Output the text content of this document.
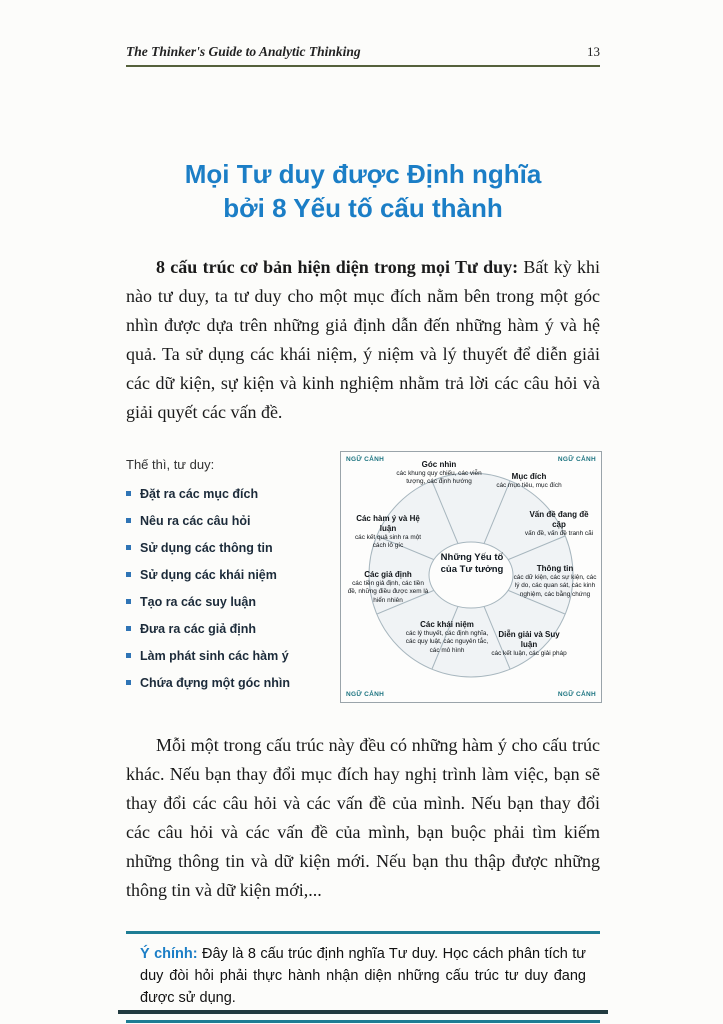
The Thinker's Guide to Analytic Thinking	13
Mọi Tư duy được Định nghĩa
bởi 8 Yếu tố cấu thành

8 cấu trúc cơ bản hiện diện trong mọi Tư duy: Bất kỳ khi nào tư duy, ta tư duy cho một mục đích nằm bên trong một góc nhìn được dựa trên những giả định dẫn đến những hàm ý và hệ quả. Ta sử dụng các khái niệm, ý niệm và lý thuyết để diễn giải các dữ kiện, sự kiện và kinh nghiệm nhằm trả lời các câu hỏi và giải quyết các vấn đề.

Thế thì, tư duy:
Đặt ra các mục đích
Nêu ra các câu hỏi
Sử dụng các thông tin
Sử dụng các khái niệm
Tạo ra các suy luận
Đưa ra các giả định
Làm phát sinh các hàm ý
Chứa đựng một góc nhìn
NGỮ CẢNH	NGỮ CẢNH
NGỮ CẢNH	NGỮ CẢNH
Góc nhìn
các khung quy chiếu, các viễn tượng, các định hướng
Mục đích
các mục tiêu, mục đích
Các hàm ý và Hệ luận
các kết quả sinh ra một cách lô gíc
Vấn đề đang đề cập
vấn đề, vấn đề tranh cãi
Những Yếu tố
của Tư tưởng
Các giả định
các tiền giả định, các tiền đề, những điều được xem là hiển nhiên
Thông tin
các dữ kiện, các sự kiện, các lý do, các quan sát, các kinh nghiệm, các bằng chứng
Các khái niệm
các lý thuyết, các định nghĩa, các quy luật, các nguyên tắc, các mô hình
Diễn giải và Suy luận
các kết luận, các giải pháp

Mỗi một trong cấu trúc này đều có những hàm ý cho cấu trúc khác. Nếu bạn thay đổi mục đích hay nghị trình làm việc, bạn sẽ thay đổi các câu hỏi và các vấn đề của mình. Nếu bạn thay đổi các câu hỏi và các vấn đề của mình, bạn buộc phải tìm kiếm những thông tin và dữ kiện mới. Nếu bạn thu thập được những thông tin và dữ kiện mới,...

Ý chính: Đây là 8 cấu trúc định nghĩa Tư duy. Học cách phân tích tư duy đòi hỏi phải thực hành nhận diện những cấu trúc tư duy đang được sử dụng.
